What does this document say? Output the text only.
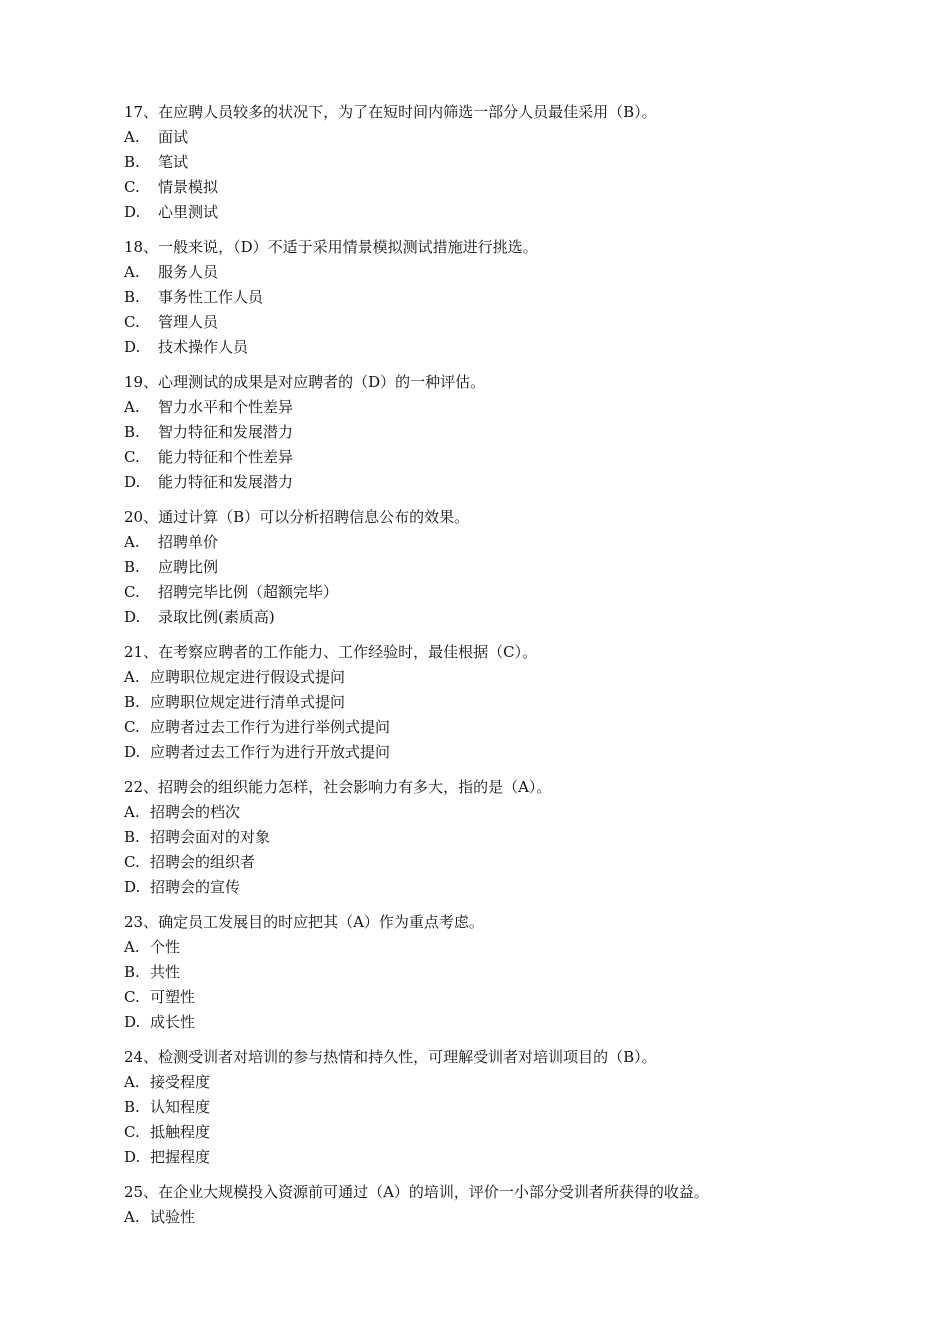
17、在应聘人员较多的状况下，为了在短时间内筛选一部分人员最佳采用（B）。
A. 面试
B. 笔试
C. 情景模拟
D. 心里测试
18、一般来说，（D）不适于采用情景模拟测试措施进行挑选。
A. 服务人员
B. 事务性工作人员
C. 管理人员
D. 技术操作人员
19、心理测试的成果是对应聘者的（D）的一种评估。
A. 智力水平和个性差异
B. 智力特征和发展潜力
C. 能力特征和个性差异
D. 能力特征和发展潜力
20、通过计算（B）可以分析招聘信息公布的效果。
A. 招聘单价
B. 应聘比例
C. 招聘完毕比例（超额完毕）
D. 录取比例(素质高)
21、在考察应聘者的工作能力、工作经验时，最佳根据（C）。
A. 应聘职位规定进行假设式提问
B. 应聘职位规定进行清单式提问
C. 应聘者过去工作行为进行举例式提问
D. 应聘者过去工作行为进行开放式提问
22、招聘会的组织能力怎样，社会影响力有多大，指的是（A）。
A. 招聘会的档次
B. 招聘会面对的对象
C. 招聘会的组织者
D. 招聘会的宣传
23、确定员工发展目的时应把其（A）作为重点考虑。
A. 个性
B. 共性
C. 可塑性
D. 成长性
24、检测受训者对培训的参与热情和持久性，可理解受训者对培训项目的（B）。
A. 接受程度
B. 认知程度
C. 抵触程度
D. 把握程度
25、在企业大规模投入资源前可通过（A）的培训，评价一小部分受训者所获得的收益。
A. 试验性
